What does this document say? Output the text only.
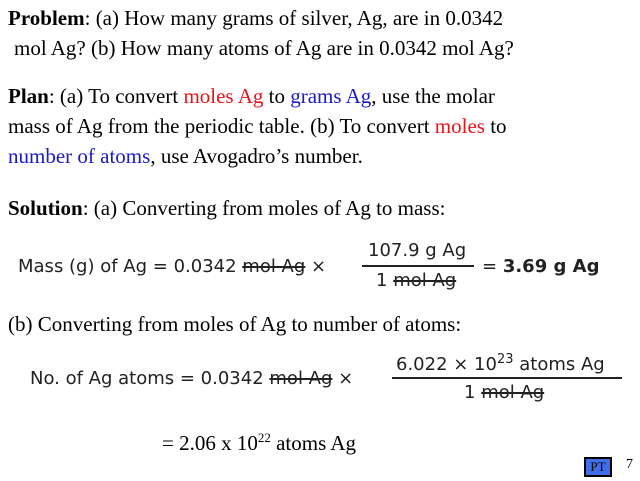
Problem: (a) How many grams of silver, Ag, are in 0.0342
mol Ag? (b) How many atoms of Ag are in 0.0342 mol Ag?
Plan: (a) To convert moles Ag to grams Ag, use the molar
mass of Ag from the periodic table. (b) To convert moles to
number of atoms, use Avogadro’s number.
Solution: (a) Converting from moles of Ag to mass:
Mass (g) of Ag = 0.0342 mol Ag ×
107.9 g Ag
1 mol Ag
= 3.69 g Ag
(b) Converting from moles of Ag to number of atoms:
No. of Ag atoms = 0.0342 mol Ag ×
$6.022 \times 10^{23}$ atoms Ag
1 mol Ag
= 2.06 x $10^{22}$ atoms Ag
PT	7
